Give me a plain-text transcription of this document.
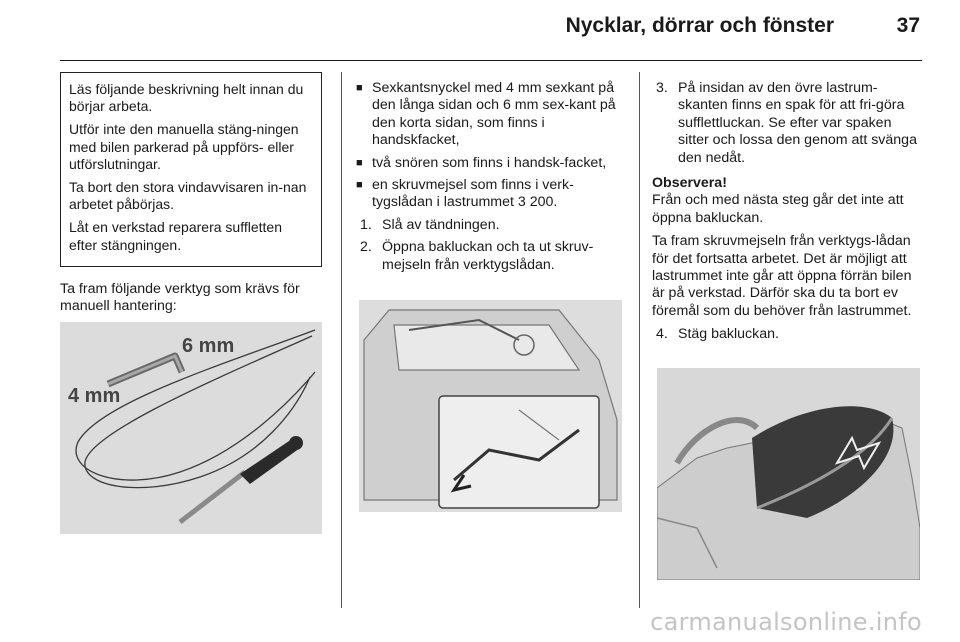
Nycklar, dörrar och fönster	37

Läs följande beskrivning helt innan du börjar arbeta.

Utför inte den manuella stäng-ningen med bilen parkerad på uppförs- eller utförslutningar.

Ta bort den stora vindavvisaren in-nan arbetet påbörjas.

Låt en verkstad reparera suffletten efter stängningen.

Ta fram följande verktyg som krävs för manuell hantering:

6 mm
4 mm
■ Sexkantsnyckel med 4 mm sexkant på den långa sidan och 6 mm sex-kant på den korta sidan, som finns i handskfacket,
■ två snören som finns i handsk-facket,
■ en skruvmejsel som finns i verk-tygslådan i lastrummet 3 200.
1. Slå av tändningen.
2. Öppna bakluckan och ta ut skruv-mejseln från verktygslådan.
3. På insidan av den övre lastrum-skanten finns en spak för att fri-göra sufflettluckan. Se efter var spaken sitter och lossa den genom att svänga den nedåt.

Observera!

Från och med nästa steg går det inte att öppna bakluckan.

Ta fram skruvmejseln från verktygs-lådan för det fortsatta arbetet. Det är möjligt att lastrummet inte går att öppna förrän bilen är på verkstad. Därför ska du ta bort ev föremål som du behöver från lastrummet.

4. Stäg bakluckan.
carmanualsonline.info
